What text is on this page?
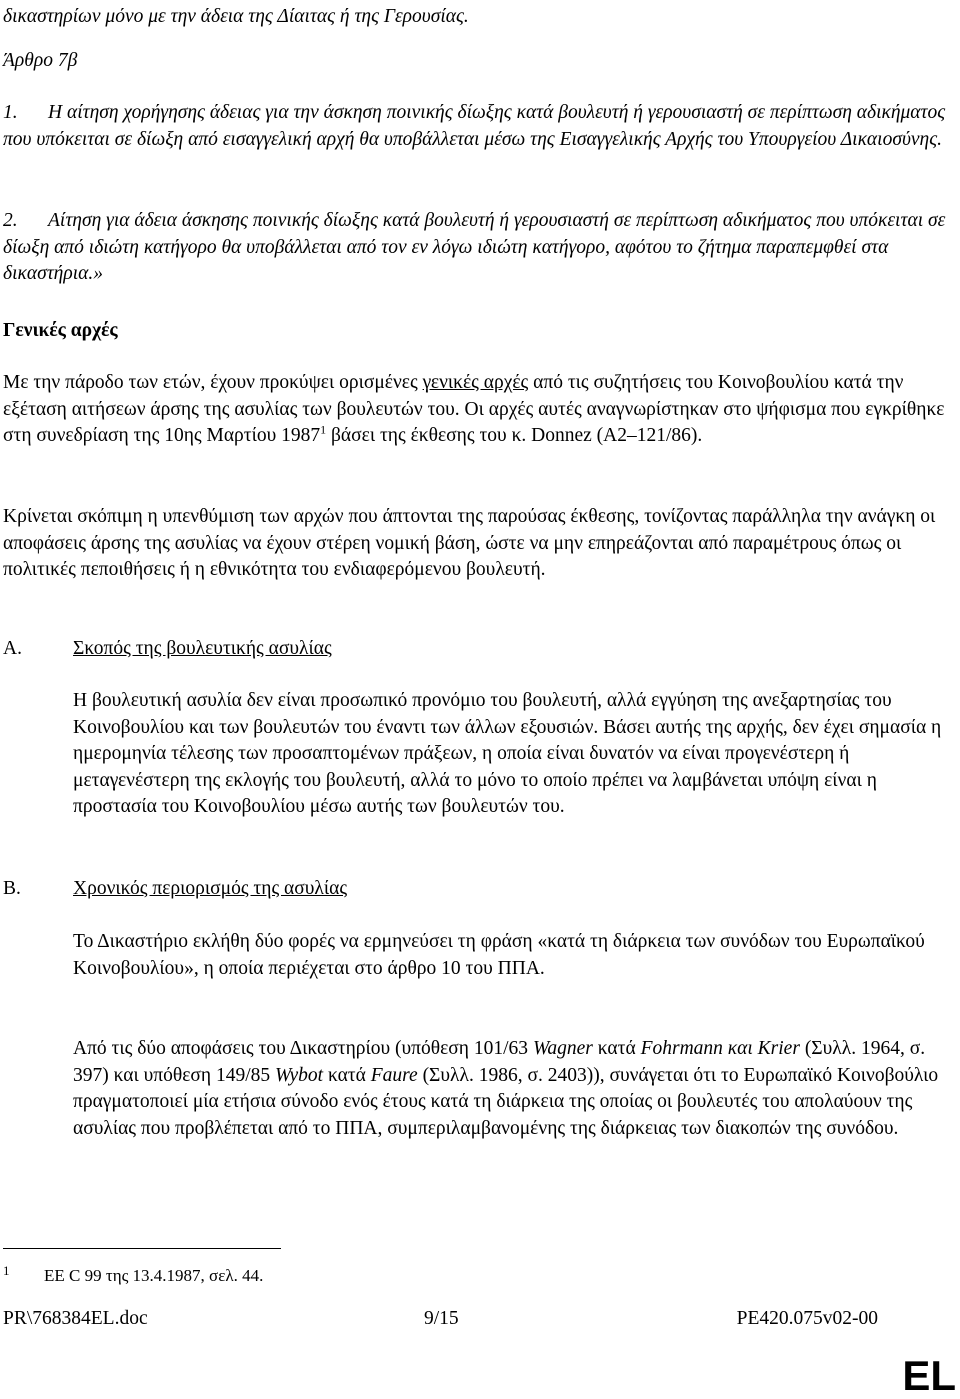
δικαστηρίων μόνο με την άδεια της Δίαιτας ή της Γερουσίας.

Άρθρο 7β

1. Η αίτηση χορήγησης άδειας για την άσκηση ποινικής δίωξης κατά βουλευτή ή γερουσιαστή σε περίπτωση αδικήματος που υπόκειται σε δίωξη από εισαγγελική αρχή θα υποβάλλεται μέσω της Εισαγγελικής Αρχής του Υπουργείου Δικαιοσύνης.

2. Αίτηση για άδεια άσκησης ποινικής δίωξης κατά βουλευτή ή γερουσιαστή σε περίπτωση αδικήματος που υπόκειται σε δίωξη από ιδιώτη κατήγορο θα υποβάλλεται από τον εν λόγω ιδιώτη κατήγορο, αφότου το ζήτημα παραπεμφθεί στα δικαστήρια.»

Γενικές αρχές

Με την πάροδο των ετών, έχουν προκύψει ορισμένες γενικές αρχές από τις συζητήσεις του Κοινοβουλίου κατά την εξέταση αιτήσεων άρσης της ασυλίας των βουλευτών του. Οι αρχές αυτές αναγνωρίστηκαν στο ψήφισμα που εγκρίθηκε στη συνεδρίαση της 10ης Μαρτίου 1987$^1$ βάσει της έκθεσης του κ. Donnez (A2–121/86).

Κρίνεται σκόπιμη η υπενθύμιση των αρχών που άπτονται της παρούσας έκθεσης, τονίζοντας παράλληλα την ανάγκη οι αποφάσεις άρσης της ασυλίας να έχουν στέρεη νομική βάση, ώστε να μην επηρεάζονται από παραμέτρους όπως οι πολιτικές πεποιθήσεις ή η εθνικότητα του ενδιαφερόμενου βουλευτή.

A.	Σκοπός της βουλευτικής ασυλίας

Η βουλευτική ασυλία δεν είναι προσωπικό προνόμιο του βουλευτή, αλλά εγγύηση της ανεξαρτησίας του Κοινοβουλίου και των βουλευτών του έναντι των άλλων εξουσιών. Βάσει αυτής της αρχής, δεν έχει σημασία η ημερομηνία τέλεσης των προσαπτομένων πράξεων, η οποία είναι δυνατόν να είναι προγενέστερη ή μεταγενέστερη της εκλογής του βουλευτή, αλλά το μόνο το οποίο πρέπει να λαμβάνεται υπόψη είναι η προστασία του Κοινοβουλίου μέσω αυτής των βουλευτών του.

B.	Χρονικός περιορισμός της ασυλίας

Το Δικαστήριο εκλήθη δύο φορές να ερμηνεύσει τη φράση «κατά τη διάρκεια των συνόδων του Ευρωπαϊκού Κοινοβουλίου», η οποία περιέχεται στο άρθρο 10 του ΠΠΑ.

Από τις δύο αποφάσεις του Δικαστηρίου (υπόθεση 101/63 Wagner κατά Fohrmann και Krier (Συλλ. 1964, σ. 397) και υπόθεση 149/85 Wybot κατά Faure (Συλλ. 1986, σ. 2403)), συνάγεται ότι το Ευρωπαϊκό Κοινοβούλιο πραγματοποιεί μία ετήσια σύνοδο ενός έτους κατά τη διάρκεια της οποίας οι βουλευτές του απολαύουν της ασυλίας που προβλέπεται από το ΠΠΑ, συμπεριλαμβανομένης της διάρκειας των διακοπών της συνόδου.

1 ΕΕ C 99 της 13.4.1987, σελ. 44.
PR\768384EL.doc	9/15	PE420.075v02-00
EL
